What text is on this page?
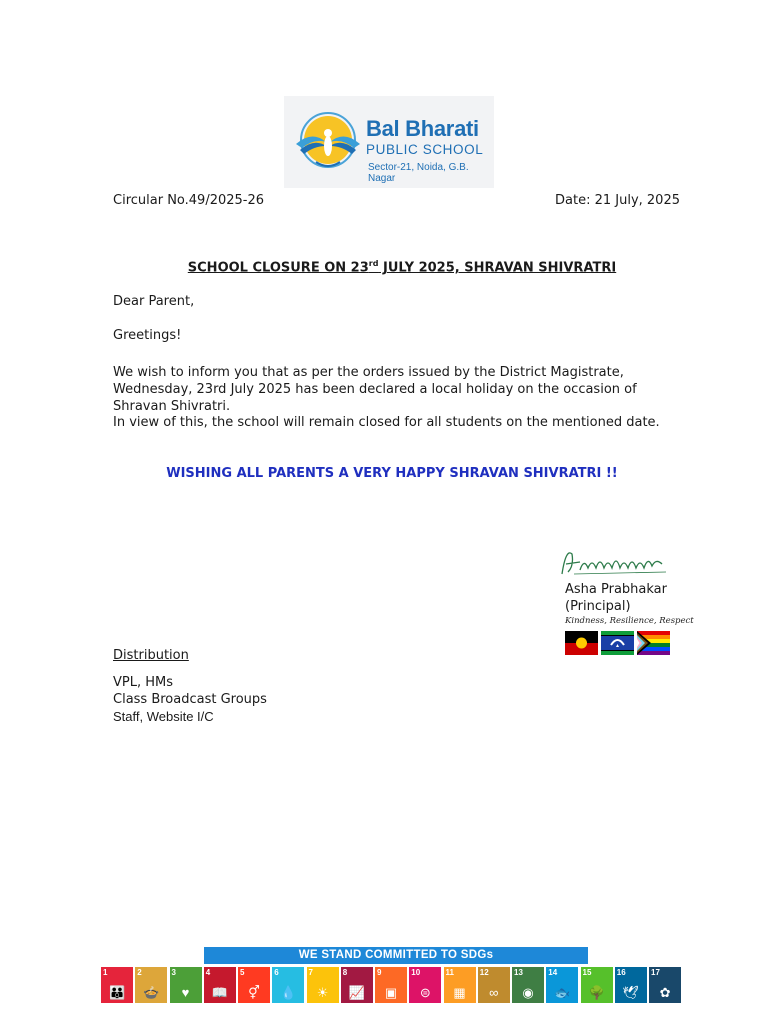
Bal Bharati
PUBLIC SCHOOL
Sector-21, Noida, G.B. Nagar
Circular No.49/2025-26	Date: 21 July, 2025
SCHOOL CLOSURE ON 23rd JULY 2025, SHRAVAN SHIVRATRI
Dear Parent,
Greetings!
We wish to inform you that as per the orders issued by the District Magistrate, Wednesday, 23rd July 2025 has been declared a local holiday on the occasion of Shravan Shivratri.
In view of this, the school will remain closed for all students on the mentioned date.
WISHING ALL PARENTS A VERY HAPPY SHRAVAN SHIVRATRI !!
Asha Prabhakar
(Principal)
Kindness, Resilience, Respect
Distribution
VPL, HMs
Class Broadcast Groups
Staff, Website I/C
WE STAND COMMITTED TO SDGs
1
👪
2
🍲
3
♥
4
📖
5
⚥
6
💧
7
☀
8
📈
9
▣
10
⊜
11
▦
12
∞
13
◉
14
🐟
15
🌳
16
🕊
17
✿
